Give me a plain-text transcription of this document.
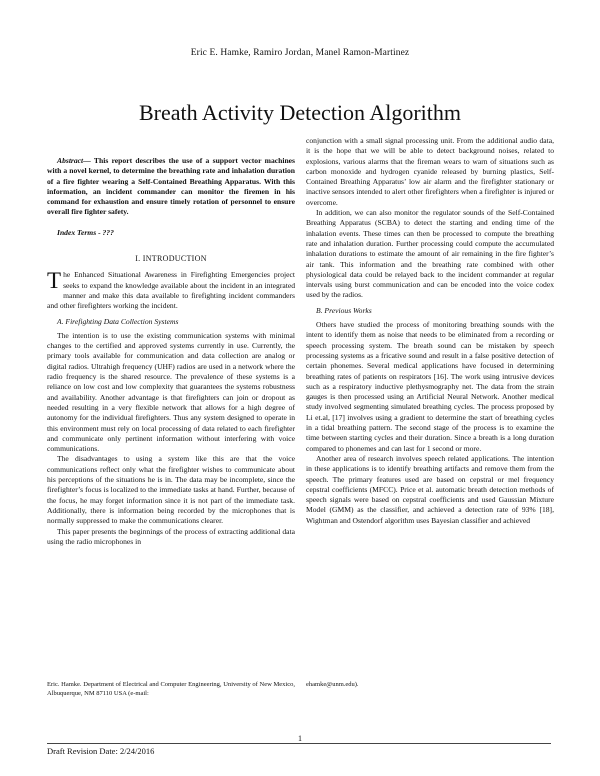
Eric E. Hamke, Ramiro Jordan, Manel Ramon-Martinez
Breath Activity Detection Algorithm

Abstract— This report describes the use of a support vector machines with a novel kernel, to determine the breathing rate and inhalation duration of a fire fighter wearing a Self-Contained Breathing Apparatus. With this information, an incident commander can monitor the firemen in his command for exhaustion and ensure timely rotation of personnel to ensure overall fire fighter safety.

Index Terms - ???

I. INTRODUCTION

The Enhanced Situational Awareness in Firefighting Emergencies project seeks to expand the knowledge available about the incident in an integrated manner and make this data available to firefighting incident commanders and other firefighters working the incident.

A. Firefighting Data Collection Systems

The intention is to use the existing communication systems with minimal changes to the certified and approved systems currently in use. Currently, the primary tools available for communication and data collection are analog or digital radios. Ultrahigh frequency (UHF) radios are used in a network where the radio frequency is the shared resource. The prevalence of these systems is a reliance on low cost and low complexity that guarantees the systems robustness and availability. Another advantage is that firefighters can join or dropout as needed resulting in a very flexible network that allows for a high degree of autonomy for the individual firefighters. Thus any system designed to operate in this environment must rely on local processing of data related to each firefighter and communicate only pertinent information without interfering with voice communications.

The disadvantages to using a system like this are that the voice communications reflect only what the firefighter wishes to communicate about his perceptions of the situations he is in. The data may be incomplete, since the firefighter’s focus is localized to the immediate tasks at hand. Further, because of the focus, he may forget information since it is not part of the immediate task. Additionally, there is information being recorded by the microphones that is normally suppressed to make the communications clearer.

This paper presents the beginnings of the process of extracting additional data using the radio microphones in

conjunction with a small signal processing unit. From the additional audio data, it is the hope that we will be able to detect background noises, related to explosions, various alarms that the fireman wears to warn of situations such as carbon monoxide and hydrogen cyanide released by burning plastics, Self-Contained Breathing Apparatus’ low air alarm and the firefighter stationary or inactive sensors intended to alert other firefighters when a firefighter is injured or overcome.

In addition, we can also monitor the regulator sounds of the Self-Contained Breathing Apparatus (SCBA) to detect the starting and ending time of the inhalation events. These times can then be processed to compute the breathing rate and inhalation duration. Further processing could compute the accumulated inhalation durations to estimate the amount of air remaining in the fire fighter’s air tank. This information and the breathing rate combined with other physiological data could be relayed back to the incident commander at regular intervals using burst communication and can be encoded into the voice codex used by the radios.

B. Previous Works

Others have studied the process of monitoring breathing sounds with the intent to identify them as noise that needs to be eliminated from a recording or speech processing system. The breath sound can be mistaken by speech processing systems as a fricative sound and result in a false positive detection of certain phonemes. Several medical applications have focused in determining breathing rates of patients on respirators [16]. The work using intrusive devices such as a respiratory inductive plethysmography net. The data from the strain gauges is then processed using an Artificial Neural Network. Another medical study involved segmenting simulated breathing cycles. The process proposed by Li et.al, [17] involves using a gradient to determine the start of breathing cycles in a tidal breathing pattern. The second stage of the process is to examine the time between starting cycles and their duration. Since a breath is a long duration compared to phonemes and can last for 1 second or more.

Another area of research involves speech related applications. The intention in these applications is to identify breathing artifacts and remove them from the speech. The primary features used are based on cepstral or mel frequency cepstral coefficients (MFCC). Price et al. automatic breath detection methods of speech signals were based on cepstral coefficients and used Gaussian Mixture Model (GMM) as the classifier, and achieved a detection rate of 93% [18], Wightman and Ostendorf algorithm uses Bayesian classifier and achieved

Eric. Hamke. Department of Electrical and Computer Engineering, University of New Mexico, Albuquerque, NM 87110 USA (e-mail:
ehamke@unm.edu).
1
Draft Revision Date: 2/24/2016
